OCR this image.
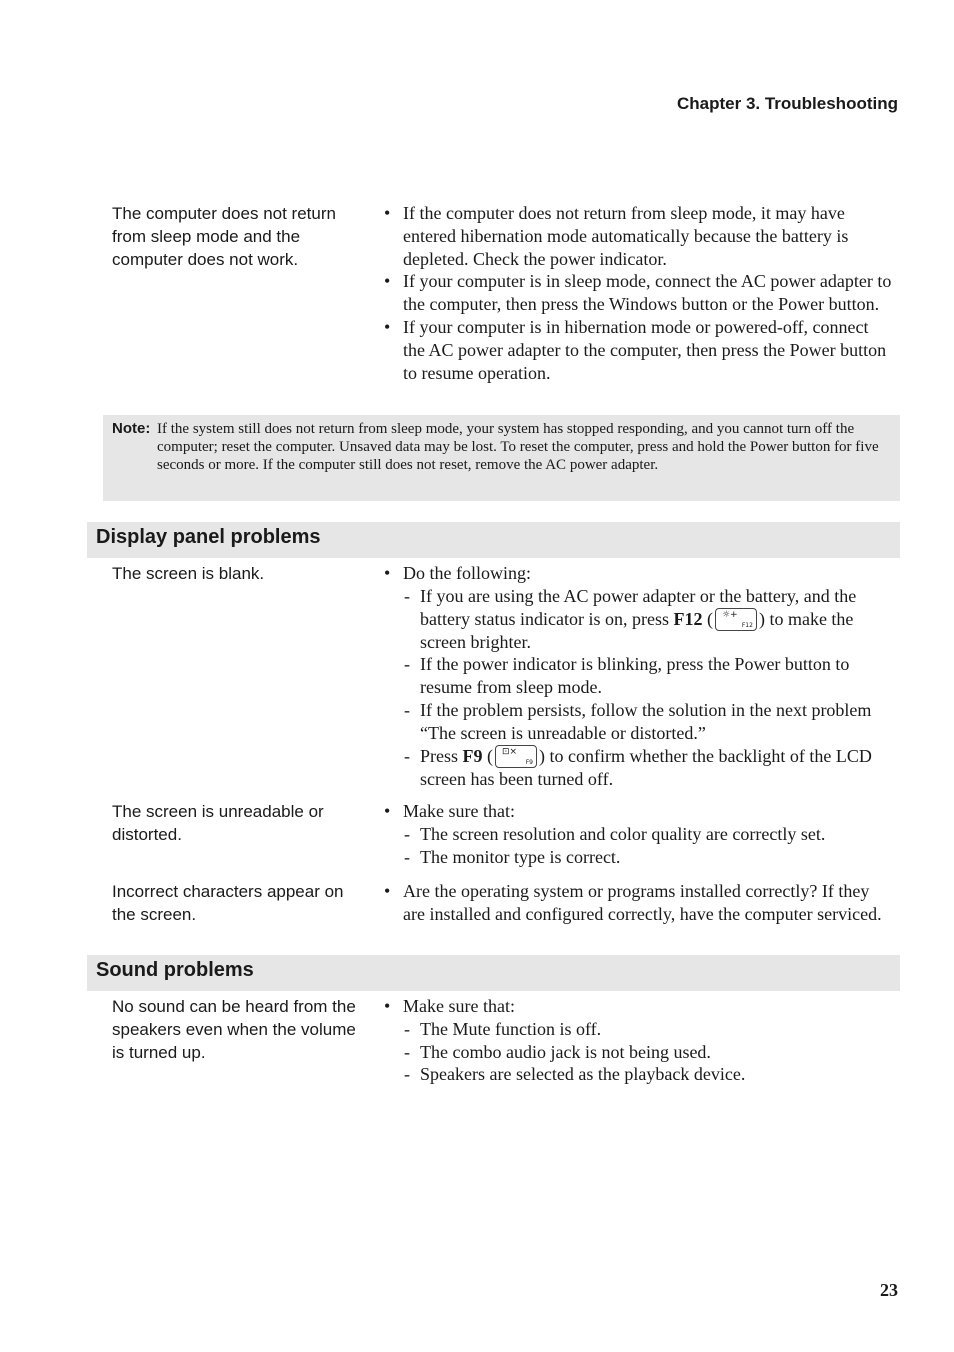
Chapter 3. Troubleshooting
The computer does not return from sleep mode and the computer does not work.
• If the computer does not return from sleep mode, it may have entered hibernation mode automatically because the battery is depleted. Check the power indicator.
• If your computer is in sleep mode, connect the AC power adapter to the computer, then press the Windows button or the Power button.
• If your computer is in hibernation mode or powered-off, connect the AC power adapter to the computer, then press the Power button to resume operation.
Note: If the system still does not return from sleep mode, your system has stopped responding, and you cannot turn off the computer; reset the computer. Unsaved data may be lost. To reset the computer, press and hold the Power button for five seconds or more. If the computer still does not reset, remove the AC power adapter.
Display panel problems
The screen is blank.	• Do the following:
- If you are using the AC power adapter or the battery, and the battery status indicator is on, press F12 ( ☼+
F12 ) to make the screen brighter.
- If the power indicator is blinking, press the Power button to resume from sleep mode.
- If the problem persists, follow the solution in the next problem “The screen is unreadable or distorted.”
- Press F9 ( ⊡×
F9 ) to confirm whether the backlight of the LCD screen has been turned off.
The screen is unreadable or distorted.
• Make sure that:
- The screen resolution and color quality are correctly set.
- The monitor type is correct.
Incorrect characters appear on the screen.
• Are the operating system or programs installed correctly? If they are installed and configured correctly, have the computer serviced.
Sound problems
No sound can be heard from the speakers even when the volume is turned up.
• Make sure that:
- The Mute function is off.
- The combo audio jack is not being used.
- Speakers are selected as the playback device.
23
